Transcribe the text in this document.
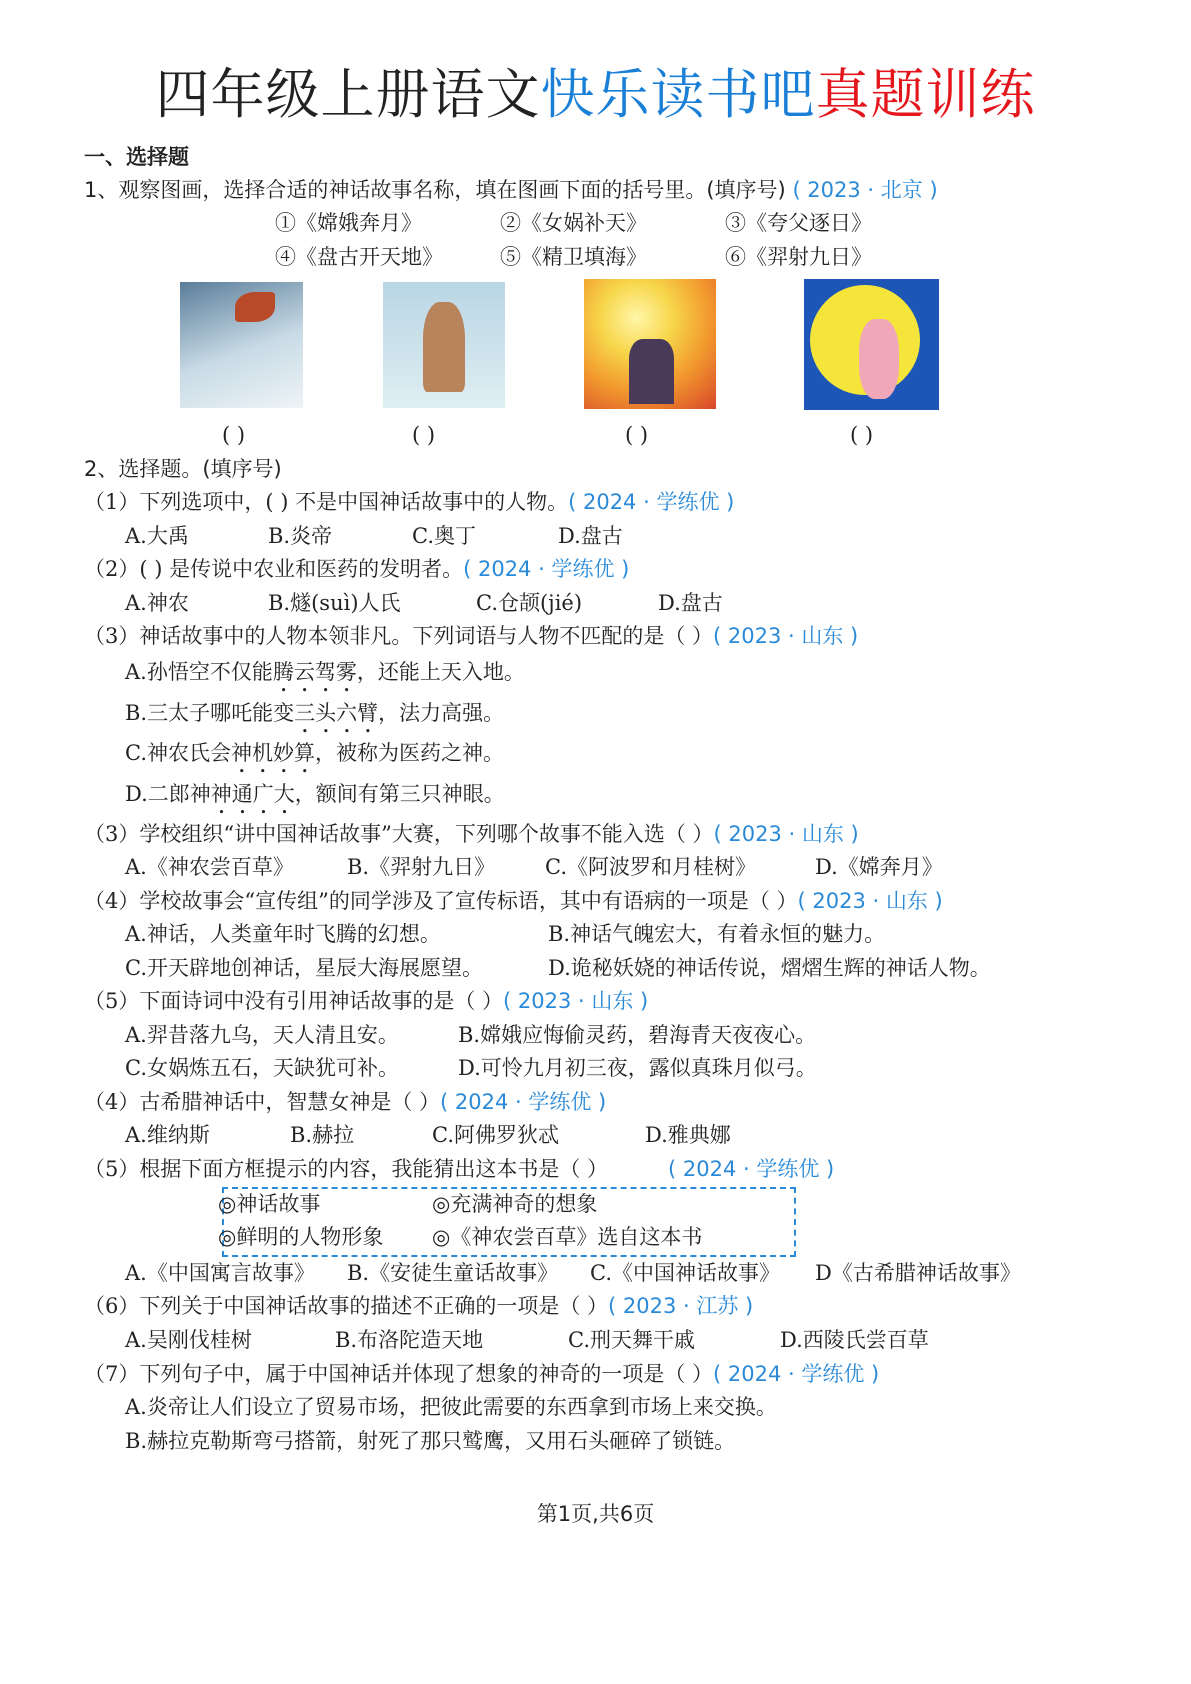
四年级上册语文快乐读书吧真题训练
一、选择题
1、观察图画，选择合适的神话故事名称，填在图画下面的括号里。(填序号) ( 2023 · 北京 )
①《嫦娥奔月》	②《女娲补天》	③《夸父逐日》
④《盘古开天地》	⑤《精卫填海》	⑥《羿射九日》
( )	( )	( )	( )
2、选择题。(填序号)
（1）下列选项中，( ) 不是中国神话故事中的人物。( 2024 · 学练优 )
A.大禹	B.炎帝	C.奥丁	D.盘古
（2）( ) 是传说中农业和医药的发明者。( 2024 · 学练优 )
A.神农	B.燧(suì)人氏	C.仓颉(jié)	D.盘古
（3）神话故事中的人物本领非凡。下列词语与人物不匹配的是（ ）( 2023 · 山东 )
A.孙悟空不仅能腾云驾雾，还能上天入地。
B.三太子哪吒能变三头六臂，法力高强。
C.神农氏会神机妙算，被称为医药之神。
D.二郎神神通广大，额间有第三只神眼。
（3）学校组织“讲中国神话故事”大赛，下列哪个故事不能入选（ ）( 2023 · 山东 )
A.《神农尝百草》	B.《羿射九日》 C.《阿波罗和月桂树》	D.《嫦奔月》
（4）学校故事会“宣传组”的同学涉及了宣传标语，其中有语病的一项是（ ）( 2023 · 山东 )
A.神话，人类童年时飞腾的幻想。	B.神话气魄宏大，有着永恒的魅力。
C.开天辟地创神话，星辰大海展愿望。	D.诡秘妖娆的神话传说，熠熠生辉的神话人物。
（5）下面诗词中没有引用神话故事的是（ ）( 2023 · 山东 )
A.羿昔落九乌，天人清且安。	B.嫦娥应悔偷灵药，碧海青天夜夜心。
C.女娲炼五石，天缺犹可补。	D.可怜九月初三夜，露似真珠月似弓。
（4）古希腊神话中，智慧女神是（ ）( 2024 · 学练优 )
A.维纳斯	B.赫拉	C.阿佛罗狄忒	D.雅典娜
（5）根据下面方框提示的内容，我能猜出这本书是（ ）	( 2024 · 学练优 )
◎神话故事	◎充满神奇的想象
◎鲜明的人物形象 ◎《神农尝百草》选自这本书
A.《中国寓言故事》 B.《安徒生童话故事》 C.《中国神话故事》 D《古希腊神话故事》
（6）下列关于中国神话故事的描述不正确的一项是（ ）( 2023 · 江苏 )
A.吴刚伐桂树	B.布洛陀造天地	C.刑天舞干戚	D.西陵氏尝百草
（7）下列句子中，属于中国神话并体现了想象的神奇的一项是（ ）( 2024 · 学练优 )
A.炎帝让人们设立了贸易市场，把彼此需要的东西拿到市场上来交换。
B.赫拉克勒斯弯弓搭箭，射死了那只鹫鹰，又用石头砸碎了锁链。
第1页,共6页
